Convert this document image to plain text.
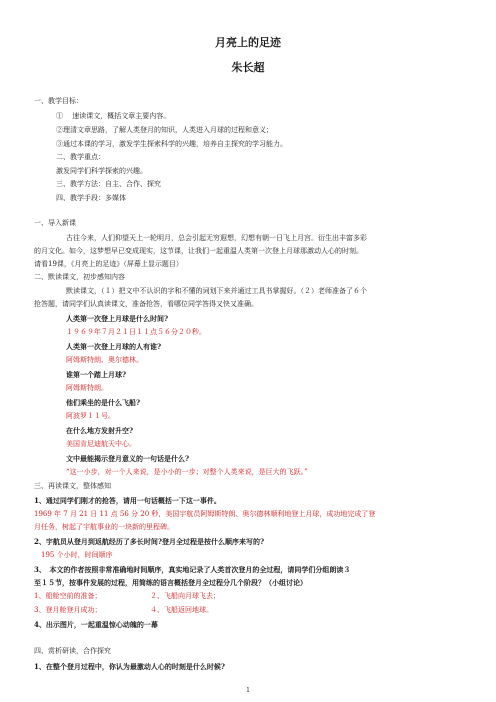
月亮上的足迹
朱长超
一、教学目标：
①　 速读课文，概括文章主要内容。
②理清文章思路，了解人类登月的知识，人类进入月球的过程和意义；
③通过本课的学习，激发学生探索科学的兴趣，培养自主探究的学习能力。
二、教学重点：
激发同学们科学探索的兴趣。
三、教学方法：自主、合作、探究
四、教学手段：多媒体
一、导入新课
古往今来，人们仰望天上一轮明月，总会引起无穷遐想，幻想有朝一日飞上月宫。衍生出丰富多彩
的月文化。如今，这梦想早已变成现实，这节课，让我们一起重温人类第一次登上月球那激动人心的时刻。
请看19课，《月亮上的足迹》（屏幕上显示题目）
二、默读课文，初步感知内容
默读课文，（１）把文中不认识的字和不懂的词划下来并通过工具书掌握好。（２）老师准备了６个
抢答题，请同学们认真读课文，准备抢答，看哪位同学答得又快又准确。
人类第一次登上月球是什么时间?
１９６９年７月２１日１１点５６分２０秒。
人类第一次登上月球的人有谁?
阿姆斯特朗、奥尔德林。
谁第一个踏上月球?
阿姆斯特朗。
他们乘坐的是什么飞船?
阿波罗１１号。
在什么地方发射升空?
美国肯尼迪航天中心。
文中最能揭示登月意义的一句话是什么?
“这一小步，对一个人来说，是小小的一步；对整个人类来说，是巨大的飞跃。”
三、再读课文，整体感知
1、通过同学们刚才的抢答，请用一句话概括一下这一事件。
1969 年 7 月 21 日 11 点 56 分 20 秒，美国宇航员阿姆斯特朗、奥尔德林顺利地登上月球，成功地完成了登
月任务，树起了宇航事业的一块新的里程碑。
2、宇航员从登月到返航经历了多长时间?登月全过程是按什么顺序来写的?
　195 个小时，时间顺序
3、　本文的作者按照非常准确地时间顺序，真实地记录了人类首次登月的全过程，请同学们分组朗读３
至１５节，按事件发展的过程，用简练的语言概括登月全过程分几个阶段？（小组讨论）
1、船舱空前的准备；	２、飞船向月球飞去；
3、登月舱登月成功；	４、飞船返回地球。
4、出示图片，一起重温惊心动魄的一幕
四、赏析研读，合作探究
1、在整个登月过程中，你认为最激动人心的时刻是什么时候?
1
